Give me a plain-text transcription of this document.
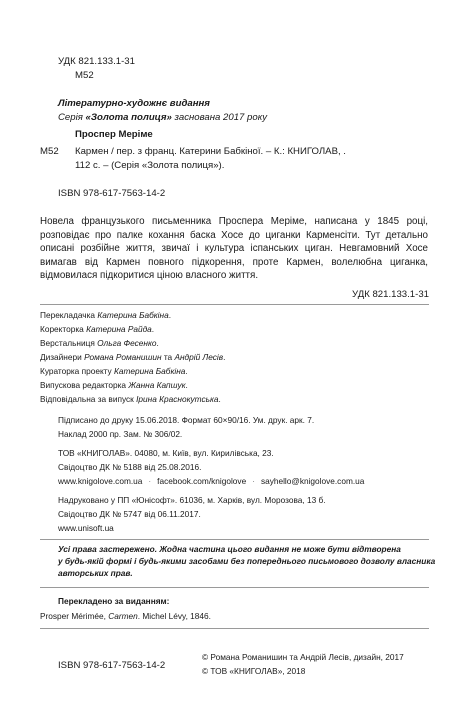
УДК 821.133.1-31
М52
Літературно-художнє видання
Серія «Золота полиця» заснована 2017 року
Проспер Меріме
М52 Кармен / пер. з франц. Катерини Бабкіної. – К.: КНИГОЛАВ, .
112 с. – (Серія «Золота полиця»).
ISBN 978-617-7563-14-2
Новела французького письменника Проспера Меріме, написана у 1845 році, розповідає про палке кохання баска Хосе до циганки Карменсіти. Тут детально описані розбійне життя, звичаї і культура іспанських циган. Невгамовний Хосе вимагав від Кармен повного підкорення, проте Кармен, волелюбна циганка, відмовилася підкоритися ціною власного життя.
УДК 821.133.1-31
Перекладачка Катерина Бабкіна.
Коректорка Катерина Райда.
Верстальниця Ольга Фесенко.
Дизайнери Романа Романишин та Андрій Лесів.
Кураторка проекту Катерина Бабкіна.
Випускова редакторка Жанна Капшук.
Відповідальна за випуск Ірина Краснокутська.
Підписано до друку 15.06.2018. Формат 60×90/16. Ум. друк. арк. 7.
Наклад 2000 пр. Зам. № 306/02.
ТОВ «КНИГОЛАВ». 04080, м. Київ, вул. Кирилівська, 23.
Свідоцтво ДК № 5188 від 25.08.2016.
www.knigolove.com.ua · facebook.com/knigolove · sayhello@knigolove.com.ua
Надруковано у ПП «Юнісофт». 61036, м. Харків, вул. Морозова, 13 б.
Свідоцтво ДК № 5747 від 06.11.2017.
www.unisoft.ua
Усі права застережено. Жодна частина цього видання не може бути відтворена
у будь-якій формі і будь-якими засобами без попереднього письмового дозволу власника
авторських прав.
Перекладено за виданням:
Prosper Mérimée, Carmen. Michel Lévy, 1846.
ISBN 978-617-7563-14-2
© Романа Романишин та Андрій Лесів, дизайн, 2017
© ТОВ «КНИГОЛАВ», 2018
